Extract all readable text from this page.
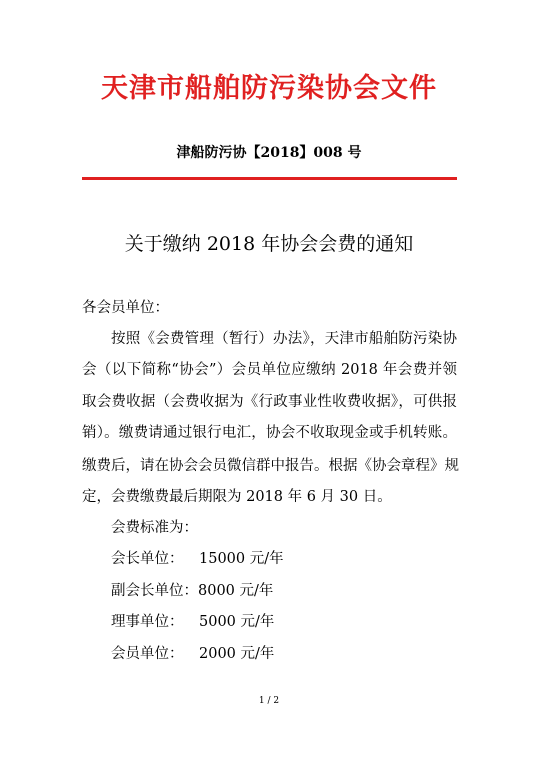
天津市船舶防污染协会文件
津船防污协【2018】008 号
关于缴纳 2018 年协会会费的通知
各会员单位：
按照《会费管理（暂行）办法》，天津市船舶防污染协
会（以下简称“协会”）会员单位应缴纳 2018 年会费并领
取会费收据（会费收据为《行政事业性收费收据》，可供报
销）。缴费请通过银行电汇，协会不收取现金或手机转账。
缴费后，请在协会会员微信群中报告。根据《协会章程》规
定，会费缴费最后期限为 2018 年 6 月 30 日。
会费标准为：
会长单位： 15000 元/年
副会长单位：8000 元/年
理事单位： 5000 元/年
会员单位： 2000 元/年
1 / 2
